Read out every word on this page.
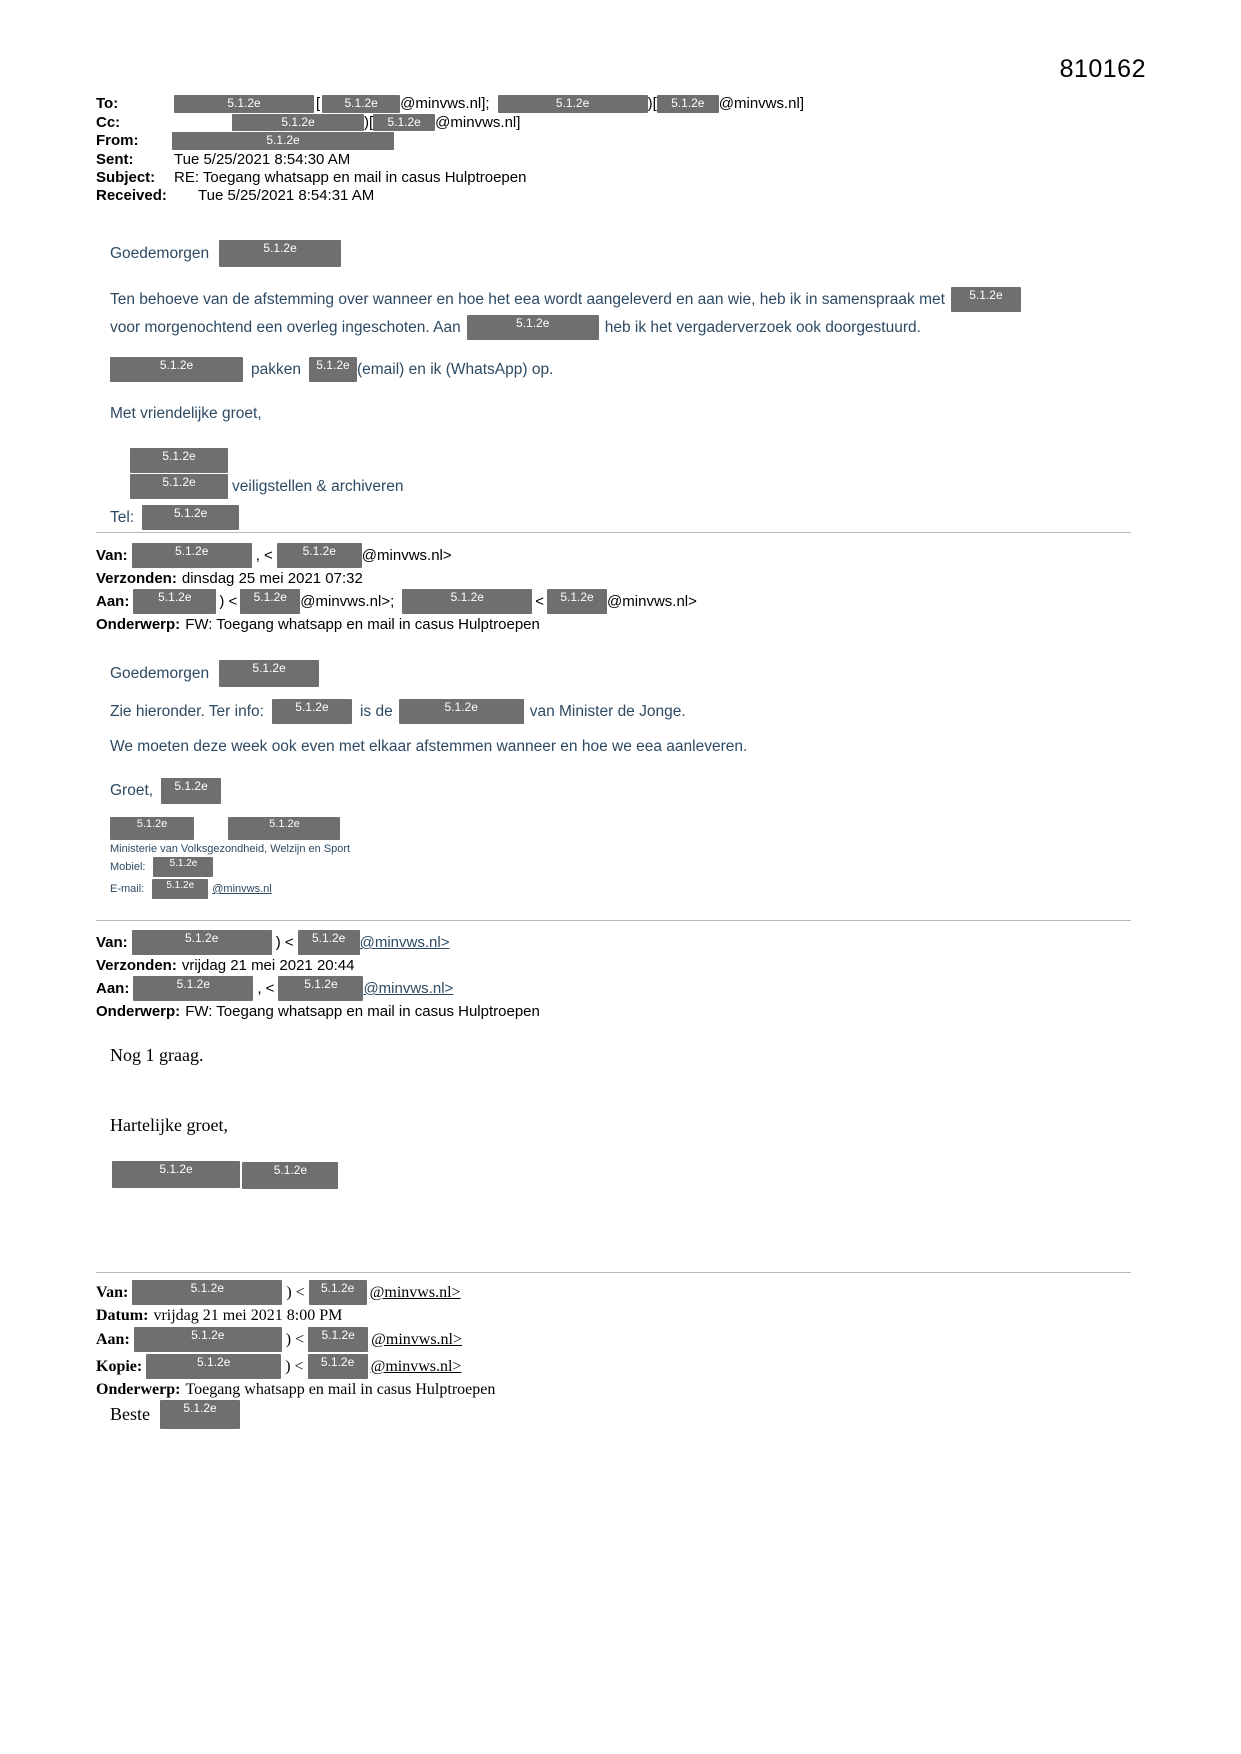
810162
To:	5.1.2e	[	5.1.2e	@minvws.nl];	5.1.2e	)[	5.1.2e @minvws.nl]
Cc:	5.1.2e	)[	5.1.2e @minvws.nl]
From:	5.1.2e
Sent:	Tue 5/25/2021 8:54:30 AM
Subject:	RE: Toegang whatsapp en mail in casus Hulptroepen
Received:	Tue 5/25/2021 8:54:31 AM
Goedemorgen	5.1.2e
Ten behoeve van de afstemming over wanneer en hoe het eea wordt aangeleverd en aan wie, heb ik in samenspraak met	5.1.2e

voor morgenochtend een overleg ingeschoten. Aan	5.1.2e	heb ik het vergaderverzoek ook doorgestuurd.
5.1.2e	pakken	5.1.2e (email) en ik (WhatsApp) op.
Met vriendelijke groet,
5.1.2e
5.1.2e	veiligstellen & archiveren
Tel:	5.1.2e
Van:	5.1.2e	, <	5.1.2e	@minvws.nl>
Verzonden: dinsdag 25 mei 2021 07:32
Aan:	5.1.2e	) <	5.1.2e @minvws.nl>;	5.1.2e	<	5.1.2e @minvws.nl>
Onderwerp: FW: Toegang whatsapp en mail in casus Hulptroepen
Goedemorgen	5.1.2e
Zie hieronder. Ter info:	5.1.2e	is de	5.1.2e	van Minister de Jonge.
We moeten deze week ook even met elkaar afstemmen wanneer en hoe we eea aanleveren.
Groet,	5.1.2e
5.1.2e	5.1.2e
Ministerie van Volksgezondheid, Welzijn en Sport
Mobiel:	5.1.2e
E-mail:	5.1.2e	@minvws.nl
Van:	5.1.2e	) <	5.1.2e @minvws.nl>
Verzonden: vrijdag 21 mei 2021 20:44
Aan:	5.1.2e	, <	5.1.2e	@minvws.nl>
Onderwerp: FW: Toegang whatsapp en mail in casus Hulptroepen
Nog 1 graag.
Hartelijke groet,
5.1.2e	5.1.2e
Van:	5.1.2e	) <	5.1.2e @minvws.nl>
Datum: vrijdag 21 mei 2021 8:00 PM
Aan:	5.1.2e	) <	5.1.2e	@minvws.nl>
Kopie:	5.1.2e	) <	5.1.2e	@minvws.nl>
Onderwerp: Toegang whatsapp en mail in casus Hulptroepen
Beste	5.1.2e
